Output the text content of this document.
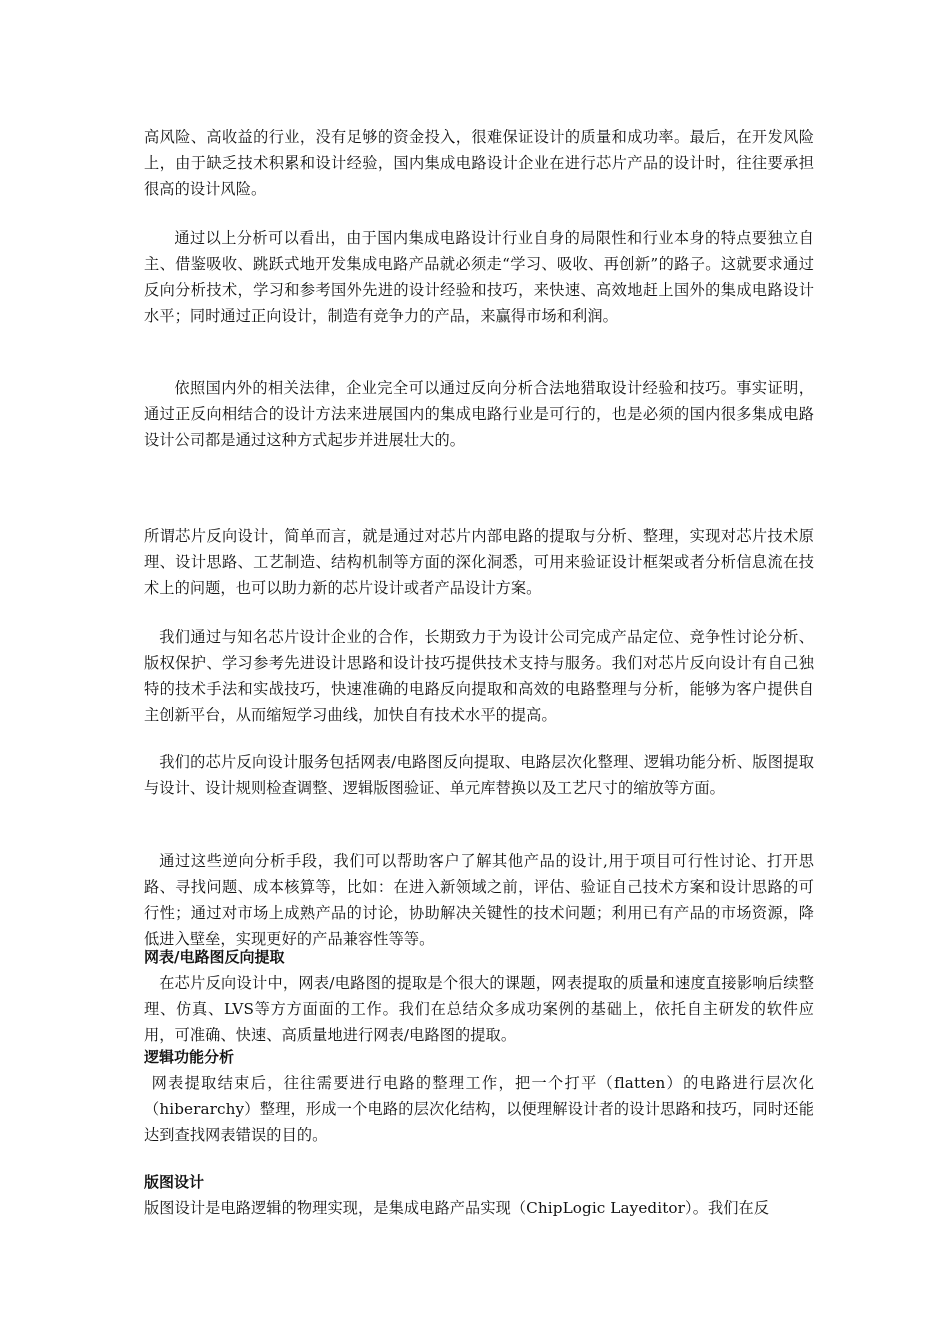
高风险、高收益的行业，没有足够的资金投入，很难保证设计的质量和成功率。最后，在开发风险上，由于缺乏技术积累和设计经验，国内集成电路设计企业在进行芯片产品的设计时，往往要承担很高的设计风险。

通过以上分析可以看出，由于国内集成电路设计行业自身的局限性和行业本身的特点要独立自主、借鉴吸收、跳跃式地开发集成电路产品就必须走“学习、吸收、再创新”的路子。这就要求通过反向分析技术，学习和参考国外先进的设计经验和技巧，来快速、高效地赶上国外的集成电路设计水平；同时通过正向设计，制造有竞争力的产品，来赢得市场和利润。

依照国内外的相关法律，企业完全可以通过反向分析合法地猎取设计经验和技巧。事实证明，通过正反向相结合的设计方法来进展国内的集成电路行业是可行的，也是必须的国内很多集成电路设计公司都是通过这种方式起步并进展壮大的。

所谓芯片反向设计，简单而言，就是通过对芯片内部电路的提取与分析、整理，实现对芯片技术原理、设计思路、工艺制造、结构机制等方面的深化洞悉，可用来验证设计框架或者分析信息流在技术上的问题，也可以助力新的芯片设计或者产品设计方案。

我们通过与知名芯片设计企业的合作，长期致力于为设计公司完成产品定位、竞争性讨论分析、版权保护、学习参考先进设计思路和设计技巧提供技术支持与服务。我们对芯片反向设计有自己独特的技术手法和实战技巧，快速准确的电路反向提取和高效的电路整理与分析，能够为客户提供自主创新平台，从而缩短学习曲线，加快自有技术水平的提高。

我们的芯片反向设计服务包括网表/电路图反向提取、电路层次化整理、逻辑功能分析、版图提取与设计、设计规则检查调整、逻辑版图验证、单元库替换以及工艺尺寸的缩放等方面。

通过这些逆向分析手段，我们可以帮助客户了解其他产品的设计,用于项目可行性讨论、打开思路、寻找问题、成本核算等，比如：在进入新领域之前，评估、验证自己技术方案和设计思路的可行性；通过对市场上成熟产品的讨论，协助解决关键性的技术问题；利用已有产品的市场资源，降低进入壁垒，实现更好的产品兼容性等等。

网表/电路图反向提取

在芯片反向设计中，网表/电路图的提取是个很大的课题，网表提取的质量和速度直接影响后续整理、仿真、LVS等方方面面的工作。我们在总结众多成功案例的基础上，依托自主研发的软件应用，可准确、快速、高质量地进行网表/电路图的提取。

逻辑功能分析

网表提取结束后，往往需要进行电路的整理工作，把一个打平（flatten）的电路进行层次化（hiberarchy）整理，形成一个电路的层次化结构，以便理解设计者的设计思路和技巧，同时还能达到查找网表错误的目的。

版图设计

版图设计是电路逻辑的物理实现，是集成电路产品实现（ChipLogic Layeditor）。我们在反
